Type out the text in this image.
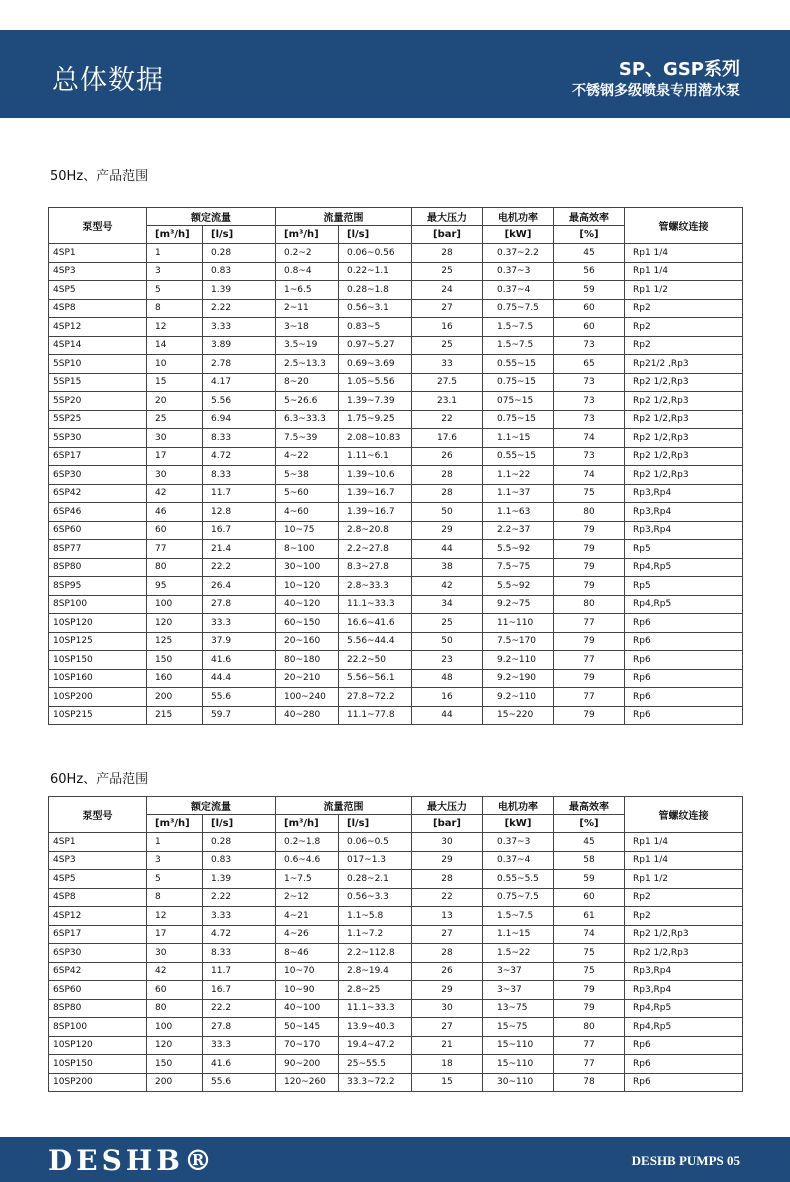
总体数据	SP、GSP系列
不锈钢多级喷泉专用潜水泵
50Hz、产品范围
泵型号	额定流量		流量范围		最大压力	电机功率	最高效率	管螺纹连接
	[m³/h]	[l/s]	[m³/h]	[l/s]	[bar]	[kW]	[%]	
4SP1	1	0.28	0.2~2	0.06~0.56	28	0.37~2.2	45	Rp1 1/4
4SP3	3	0.83	0.8~4	0.22~1.1	25	0.37~3	56	Rp1 1/4
4SP5	5	1.39	1~6.5	0.28~1.8	24	0.37~4	59	Rp1 1/2
4SP8	8	2.22	2~11	0.56~3.1	27	0.75~7.5	60	Rp2
4SP12	12	3.33	3~18	0.83~5	16	1.5~7.5	60	Rp2
4SP14	14	3.89	3.5~19	0.97~5.27	25	1.5~7.5	73	Rp2
5SP10	10	2.78	2.5~13.3	0.69~3.69	33	0.55~15	65	Rp21/2 ,Rp3
5SP15	15	4.17	8~20	1.05~5.56	27.5	0.75~15	73	Rp2 1/2,Rp3
5SP20	20	5.56	5~26.6	1.39~7.39	23.1	075~15	73	Rp2 1/2,Rp3
5SP25	25	6.94	6.3~33.3	1.75~9.25	22	0.75~15	73	Rp2 1/2,Rp3
5SP30	30	8.33	7.5~39	2.08~10.83	17.6	1.1~15	74	Rp2 1/2,Rp3
6SP17	17	4.72	4~22	1.11~6.1	26	0.55~15	73	Rp2 1/2,Rp3
6SP30	30	8.33	5~38	1.39~10.6	28	1.1~22	74	Rp2 1/2,Rp3
6SP42	42	11.7	5~60	1.39~16.7	28	1.1~37	75	Rp3,Rp4
6SP46	46	12.8	4~60	1.39~16.7	50	1.1~63	80	Rp3,Rp4
6SP60	60	16.7	10~75	2.8~20.8	29	2.2~37	79	Rp3,Rp4
8SP77	77	21.4	8~100	2.2~27.8	44	5.5~92	79	Rp5
8SP80	80	22.2	30~100	8.3~27.8	38	7.5~75	79	Rp4,Rp5
8SP95	95	26.4	10~120	2.8~33.3	42	5.5~92	79	Rp5
8SP100	100	27.8	40~120	11.1~33.3	34	9.2~75	80	Rp4,Rp5
10SP120	120	33.3	60~150	16.6~41.6	25	11~110	77	Rp6
10SP125	125	37.9	20~160	5.56~44.4	50	7.5~170	79	Rp6
10SP150	150	41.6	80~180	22.2~50	23	9.2~110	77	Rp6
10SP160	160	44.4	20~210	5.56~56.1	48	9.2~190	79	Rp6
10SP200	200	55.6	100~240	27.8~72.2	16	9.2~110	77	Rp6
10SP215	215	59.7	40~280	11.1~77.8	44	15~220	79	Rp6
60Hz、产品范围
泵型号	额定流量		流量范围		最大压力	电机功率	最高效率	管螺纹连接
	[m³/h]	[l/s]	[m³/h]	[l/s]	[bar]	[kW]	[%]	
4SP1	1	0.28	0.2~1.8	0.06~0.5	30	0.37~3	45	Rp1 1/4
4SP3	3	0.83	0.6~4.6	017~1.3	29	0.37~4	58	Rp1 1/4
4SP5	5	1.39	1~7.5	0.28~2.1	28	0.55~5.5	59	Rp1 1/2
4SP8	8	2.22	2~12	0.56~3.3	22	0.75~7.5	60	Rp2
4SP12	12	3.33	4~21	1.1~5.8	13	1.5~7.5	61	Rp2
6SP17	17	4.72	4~26	1.1~7.2	27	1.1~15	74	Rp2 1/2,Rp3
6SP30	30	8.33	8~46	2.2~112.8	28	1.5~22	75	Rp2 1/2,Rp3
6SP42	42	11.7	10~70	2.8~19.4	26	3~37	75	Rp3,Rp4
6SP60	60	16.7	10~90	2.8~25	29	3~37	79	Rp3,Rp4
8SP80	80	22.2	40~100	11.1~33.3	30	13~75	79	Rp4,Rp5
8SP100	100	27.8	50~145	13.9~40.3	27	15~75	80	Rp4,Rp5
10SP120	120	33.3	70~170	19.4~47.2	21	15~110	77	Rp6
10SP150	150	41.6	90~200	25~55.5	18	15~110	77	Rp6
10SP200	200	55.6	120~260	33.3~72.2	15	30~110	78	Rp6
DESHB®	DESHB PUMPS 05
